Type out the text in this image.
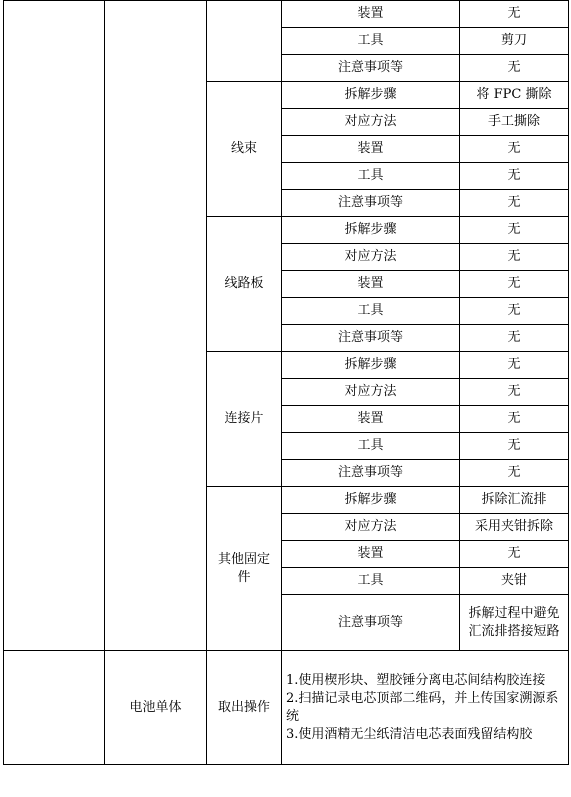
			装置	无
			工具	剪刀
			注意事项等	无
		线束	拆解步骤	将 FPC 撕除
			对应方法	手工撕除
			装置	无
			工具	无
			注意事项等	无
		线路板	拆解步骤	无
			对应方法	无
			装置	无
			工具	无
			注意事项等	无
		连接片	拆解步骤	无
			对应方法	无
			装置	无
			工具	无
			注意事项等	无
		其他固定件	拆解步骤	拆除汇流排
			对应方法	采用夹钳拆除
			装置	无
			工具	夹钳
			注意事项等	拆解过程中避免汇流排搭接短路
	电池单体	取出操作	1.使用楔形块、塑胶锤分离电芯间结构胶连接
2.扫描记录电芯顶部二维码，并上传国家溯源系统
3.使用酒精无尘纸清洁电芯表面残留结构胶	
